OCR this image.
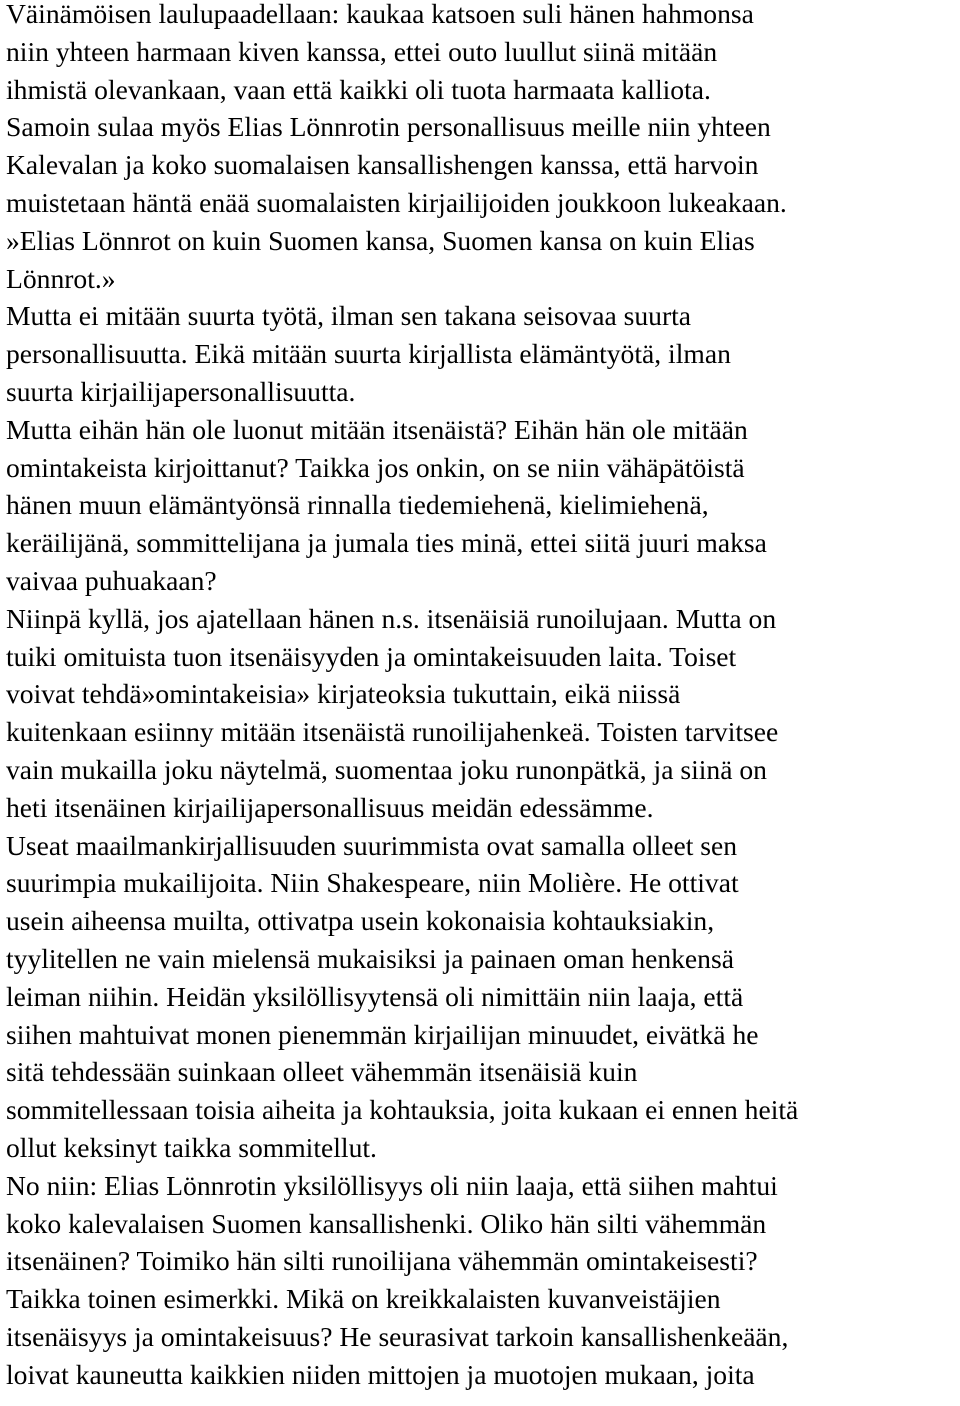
Väinämöisen laulupaadellaan: kaukaa katsoen suli hänen hahmonsa
niin yhteen harmaan kiven kanssa, ettei outo luullut siinä mitään
ihmistä olevankaan, vaan että kaikki oli tuota harmaata kalliota.
Samoin sulaa myös Elias Lönnrotin personallisuus meille niin yhteen
Kalevalan ja koko suomalaisen kansallishengen kanssa, että harvoin
muistetaan häntä enää suomalaisten kirjailijoiden joukkoon lukeakaan.
»Elias Lönnrot on kuin Suomen kansa, Suomen kansa on kuin Elias
Lönnrot.»
Mutta ei mitään suurta työtä, ilman sen takana seisovaa suurta
personallisuutta. Eikä mitään suurta kirjallista elämäntyötä, ilman
suurta kirjailijapersonallisuutta.
Mutta eihän hän ole luonut mitään itsenäistä? Eihän hän ole mitään
omintakeista kirjoittanut? Taikka jos onkin, on se niin vähäpätöistä
hänen muun elämäntyönsä rinnalla tiedemiehenä, kielimiehenä,
keräilijänä, sommittelijana ja jumala ties minä, ettei siitä juuri maksa
vaivaa puhuakaan?
Niinpä kyllä, jos ajatellaan hänen n.s. itsenäisiä runoilujaan. Mutta on
tuiki omituista tuon itsenäisyyden ja omintakeisuuden laita. Toiset
voivat tehdä»omintakeisia» kirjateoksia tukuttain, eikä niissä
kuitenkaan esiinny mitään itsenäistä runoilijahenkeä. Toisten tarvitsee
vain mukailla joku näytelmä, suomentaa joku runonpätkä, ja siinä on
heti itsenäinen kirjailijapersonallisuus meidän edessämme.
Useat maailmankirjallisuuden suurimmista ovat samalla olleet sen
suurimpia mukailijoita. Niin Shakespeare, niin Molière. He ottivat
usein aiheensa muilta, ottivatpa usein kokonaisia kohtauksiakin,
tyylitellen ne vain mielensä mukaisiksi ja painaen oman henkensä
leiman niihin. Heidän yksilöllisyytensä oli nimittäin niin laaja, että
siihen mahtuivat monen pienemmän kirjailijan minuudet, eivätkä he
sitä tehdessään suinkaan olleet vähemmän itsenäisiä kuin
sommitellessaan toisia aiheita ja kohtauksia, joita kukaan ei ennen heitä
ollut keksinyt taikka sommitellut.
No niin: Elias Lönnrotin yksilöllisyys oli niin laaja, että siihen mahtui
koko kalevalaisen Suomen kansallishenki. Oliko hän silti vähemmän
itsenäinen? Toimiko hän silti runoilijana vähemmän omintakeisesti?
Taikka toinen esimerkki. Mikä on kreikkalaisten kuvanveistäjien
itsenäisyys ja omintakeisuus? He seurasivat tarkoin kansallishenkeään,
loivat kauneutta kaikkien niiden mittojen ja muotojen mukaan, joita
